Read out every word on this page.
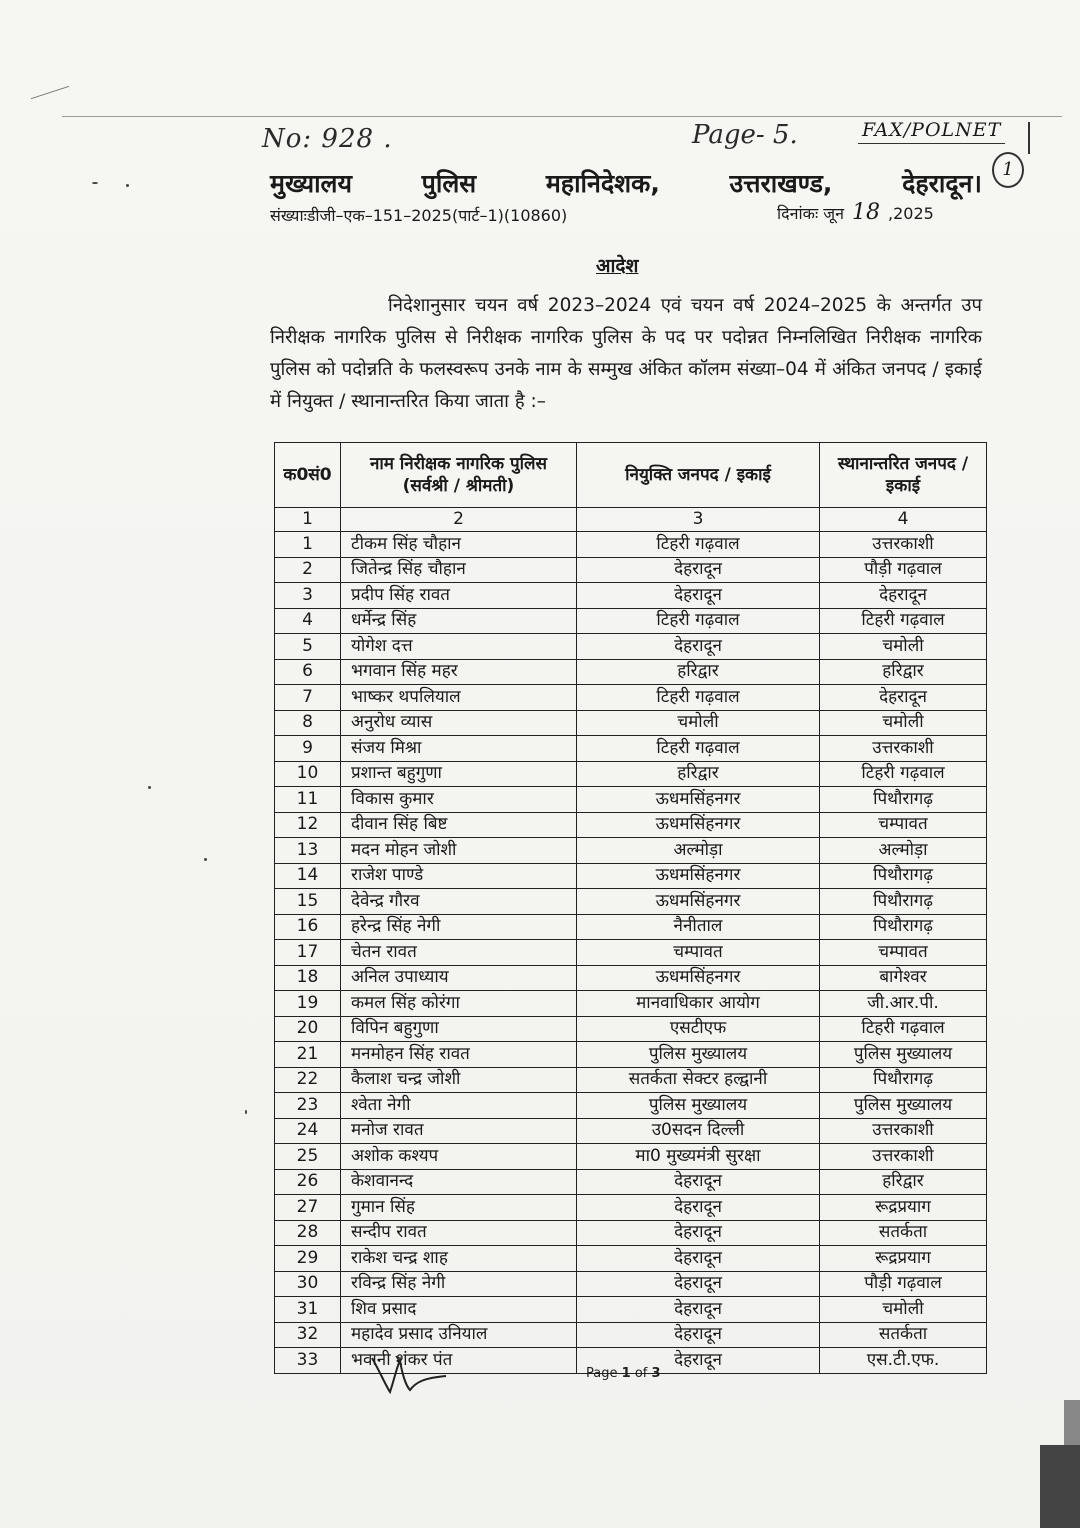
No: 928 .	Page- 5.	FAX/POLNET
1
मुख्यालय	पुलिस	महानिदेशक,	उत्तराखण्ड,	देहरादून।
संख्याःडीजी–एक–151–2025(पार्ट–1)(10860)	दिनांकः जून 18 ,2025
आदेश
निदेशानुसार चयन वर्ष 2023–2024 एवं चयन वर्ष 2024–2025 के अन्तर्गत उप निरीक्षक नागरिक पुलिस से निरीक्षक नागरिक पुलिस के पद पर पदोन्नत निम्नलिखित निरीक्षक नागरिक पुलिस को पदोन्नति के फलस्वरूप उनके नाम के सम्मुख अंकित कॉलम संख्या–04 में अंकित जनपद / इकाई में नियुक्त / स्थानान्तरित किया जाता है :–
क0सं0	नाम निरीक्षक नागरिक पुलिस (सर्वश्री / श्रीमती)	नियुक्ति जनपद / इकाई	स्थानान्तरित जनपद / इकाई
1	2	3	4
1	टीकम सिंह चौहान	टिहरी गढ़वाल	उत्तरकाशी
2	जितेन्द्र सिंह चौहान	देहरादून	पौड़ी गढ़वाल
3	प्रदीप सिंह रावत	देहरादून	देहरादून
4	धर्मेन्द्र सिंह	टिहरी गढ़वाल	टिहरी गढ़वाल
5	योगेश दत्त	देहरादून	चमोली
6	भगवान सिंह महर	हरिद्वार	हरिद्वार
7	भाष्कर थपलियाल	टिहरी गढ़वाल	देहरादून
8	अनुरोध व्यास	चमोली	चमोली
9	संजय मिश्रा	टिहरी गढ़वाल	उत्तरकाशी
10	प्रशान्त बहुगुणा	हरिद्वार	टिहरी गढ़वाल
11	विकास कुमार	ऊधमसिंहनगर	पिथौरागढ़
12	दीवान सिंह बिष्ट	ऊधमसिंहनगर	चम्पावत
13	मदन मोहन जोशी	अल्मोड़ा	अल्मोड़ा
14	राजेश पाण्डे	ऊधमसिंहनगर	पिथौरागढ़
15	देवेन्द्र गौरव	ऊधमसिंहनगर	पिथौरागढ़
16	हरेन्द्र सिंह नेगी	नैनीताल	पिथौरागढ़
17	चेतन रावत	चम्पावत	चम्पावत
18	अनिल उपाध्याय	ऊधमसिंहनगर	बागेश्वर
19	कमल सिंह कोरंगा	मानवाधिकार आयोग	जी.आर.पी.
20	विपिन बहुगुणा	एसटीएफ	टिहरी गढ़वाल
21	मनमोहन सिंह रावत	पुलिस मुख्यालय	पुलिस मुख्यालय
22	कैलाश चन्द्र जोशी	सतर्कता सेक्टर हल्द्वानी	पिथौरागढ़
23	श्वेता नेगी	पुलिस मुख्यालय	पुलिस मुख्यालय
24	मनोज रावत	उ0सदन दिल्ली	उत्तरकाशी
25	अशोक कश्यप	मा0 मुख्यमंत्री सुरक्षा	उत्तरकाशी
26	केशवानन्द	देहरादून	हरिद्वार
27	गुमान सिंह	देहरादून	रूद्रप्रयाग
28	सन्दीप रावत	देहरादून	सतर्कता
29	राकेश चन्द्र शाह	देहरादून	रूद्रप्रयाग
30	रविन्द्र सिंह नेगी	देहरादून	पौड़ी गढ़वाल
31	शिव प्रसाद	देहरादून	चमोली
32	महादेव प्रसाद उनियाल	देहरादून	सतर्कता
33	भवानी शंकर पंत	देहरादून	एस.टी.एफ.
Page 1 of 3
